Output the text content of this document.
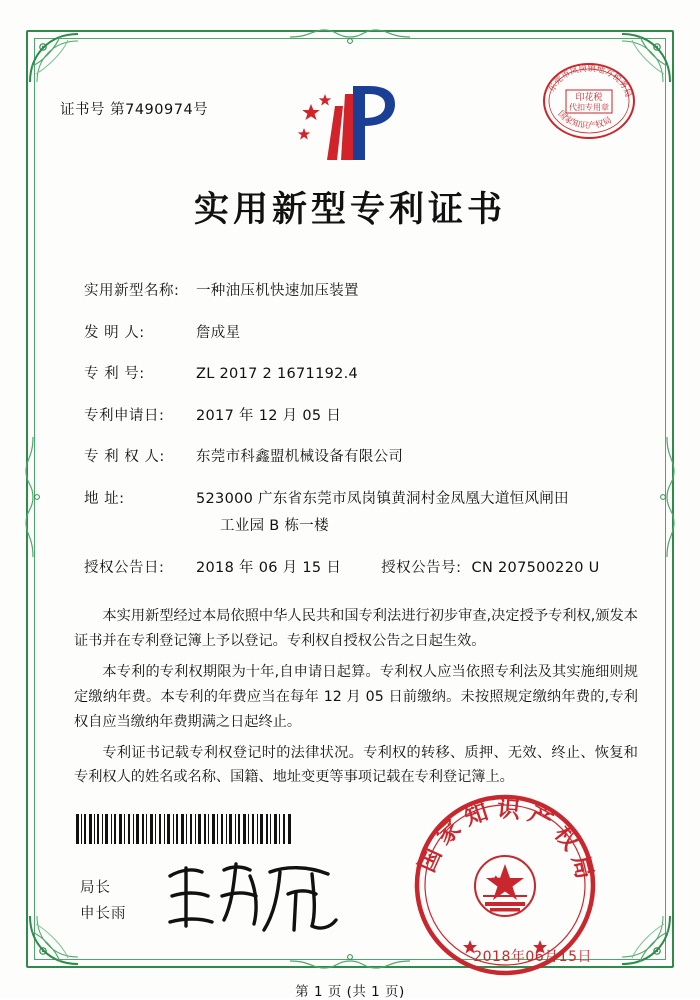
证书号 第7490974号
印花税
代扣专用章
东莞市凤岗镇地方税务局
国家知识产权局
实用新型专利证书
实用新型名称:	一种油压机快速加压装置
发 明 人:	詹成星
专 利 号:	ZL 2017 2 1671192.4
专利申请日:	2017 年 12 月 05 日
专 利 权 人:	东莞市科鑫盟机械设备有限公司
地 址:	523000 广东省东莞市凤岗镇黄洞村金凤凰大道恒风闸田
工业园 B 栋一楼
授权公告日:	2018 年 06 月 15 日	授权公告号: CN 207500220 U

本实用新型经过本局依照中华人民共和国专利法进行初步审查,决定授予专利权,颁发本证书并在专利登记簿上予以登记。专利权自授权公告之日起生效。

本专利的专利权期限为十年,自申请日起算。专利权人应当依照专利法及其实施细则规定缴纳年费。本专利的年费应当在每年 12 月 05 日前缴纳。未按照规定缴纳年费的,专利权自应当缴纳年费期满之日起终止。

专利证书记载专利权登记时的法律状况。专利权的转移、质押、无效、终止、恢复和专利权人的姓名或名称、国籍、地址变更等事项记载在专利登记簿上。

局长
申长雨
国家知识产权局
2018年06月15日
第 1 页 (共 1 页)
